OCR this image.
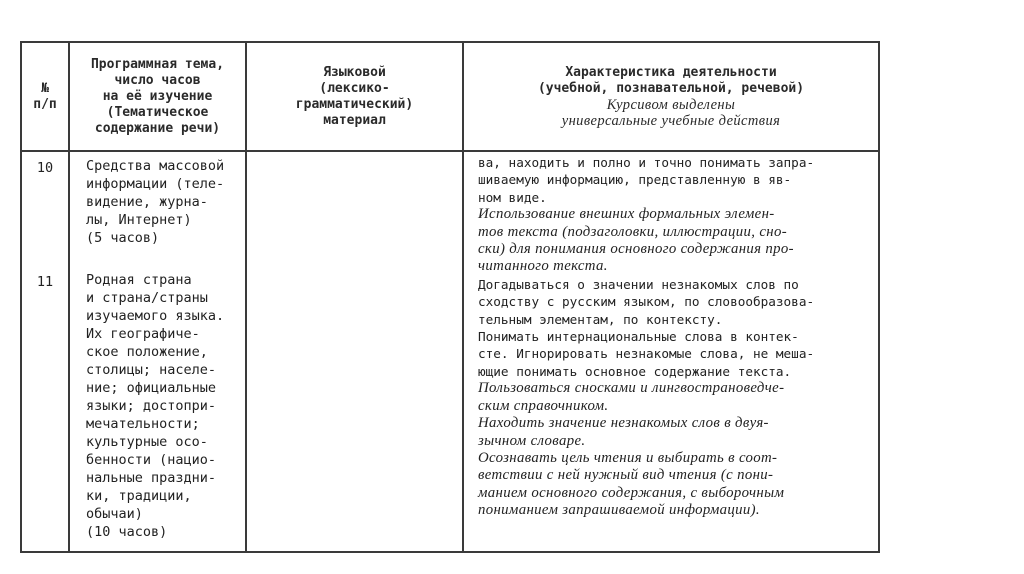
№
п/п
Программная тема,
число часов
на её изучение
(Тематическое
содержание речи)
Языковой
(лексико-
грамматический)
материал
Характеристика деятельности
(учебной, познавательной, речевой)
Курсивом выделены
универсальные учебные действия
10	Средства массовой
информации (теле-
видение, журна-
лы, Интернет)
(5 часов)
11	Родная страна
и страна/страны
изучаемого языка.
Их географиче-
ское положение,
столицы; населе-
ние; официальные
языки; достопри-
мечательности;
культурные осо-
бенности (нацио-
нальные праздни-
ки, традиции,
обычаи)
(10 часов)
ва, находить и полно и точно понимать запра-
шиваемую информацию, представленную в яв-
ном виде.
Использование внешних формальных элемен-
тов текста (подзаголовки, иллюстрации, сно-
ски) для понимания основного содержания про-
читанного текста.
Догадываться о значении незнакомых слов по
сходству с русским языком, по словообразова-
тельным элементам, по контексту.
Понимать интернациональные слова в контек-
сте. Игнорировать незнакомые слова, не меша-
ющие понимать основное содержание текста.
Пользоваться сносками и лингвострановедче-
ским справочником.
Находить значение незнакомых слов в двуя-
зычном словаре.
Осознавать цель чтения и выбирать в соот-
ветствии с ней нужный вид чтения (с пони-
манием основного содержания, с выборочным
пониманием запрашиваемой информации).
